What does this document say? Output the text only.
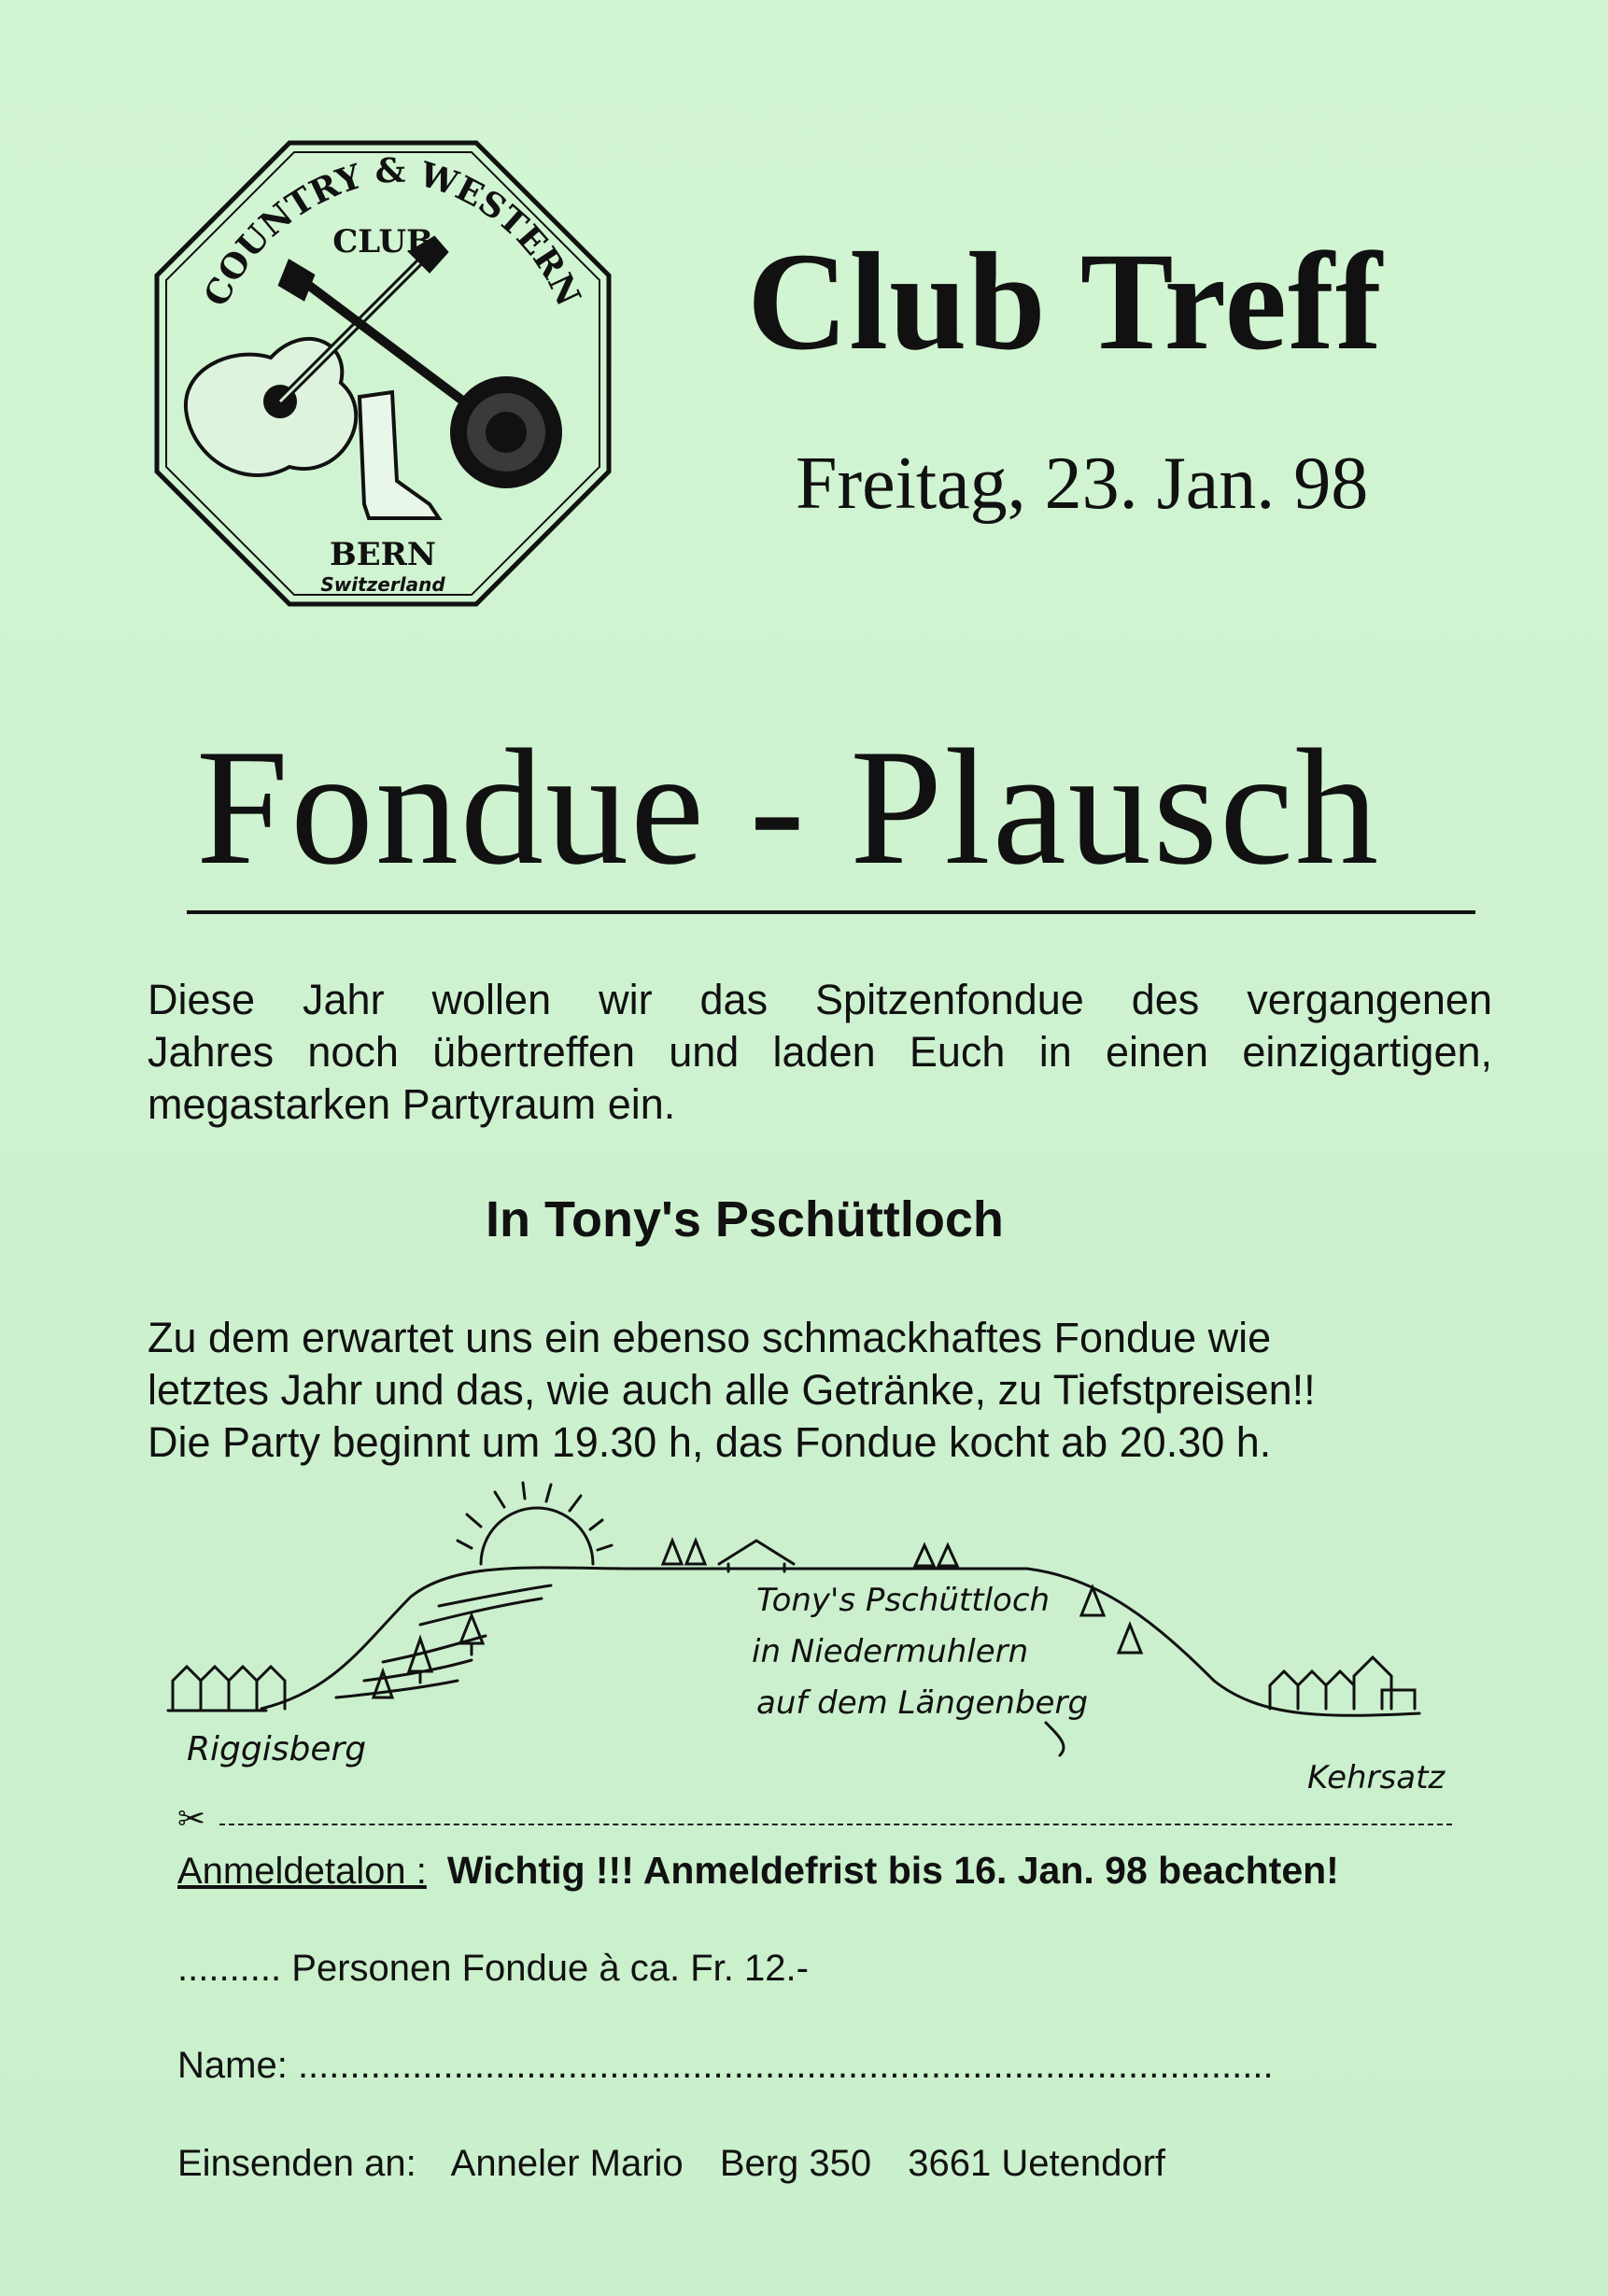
COUNTRY & WESTERN
CLUB
BERN
Switzerland
Club Treff
Freitag, 23. Jan. 98
Fondue - Plausch
Diese Jahr wollen wir das Spitzenfondue des vergangenen
Jahres noch übertreffen und laden Euch in einen einzigartigen,
megastarken Partyraum ein.
In Tony's Pschüttloch
Zu dem erwartet uns ein ebenso schmackhaftes Fondue wie
letztes Jahr und das, wie auch alle Getränke, zu Tiefstpreisen!!
Die Party beginnt um 19.30 h, das Fondue kocht ab 20.30 h.
Riggisberg
Kehrsatz
Tony's Pschüttloch
in Niedermuhlern
auf dem Längenberg
✂
Anmeldetalon : Wichtig !!! Anmeldefrist bis 16. Jan. 98 beachten!
.......... Personen Fondue à ca. Fr. 12.-
Name: ..............................................................................................
Einsenden an: Anneler Mario Berg 350 3661 Uetendorf
